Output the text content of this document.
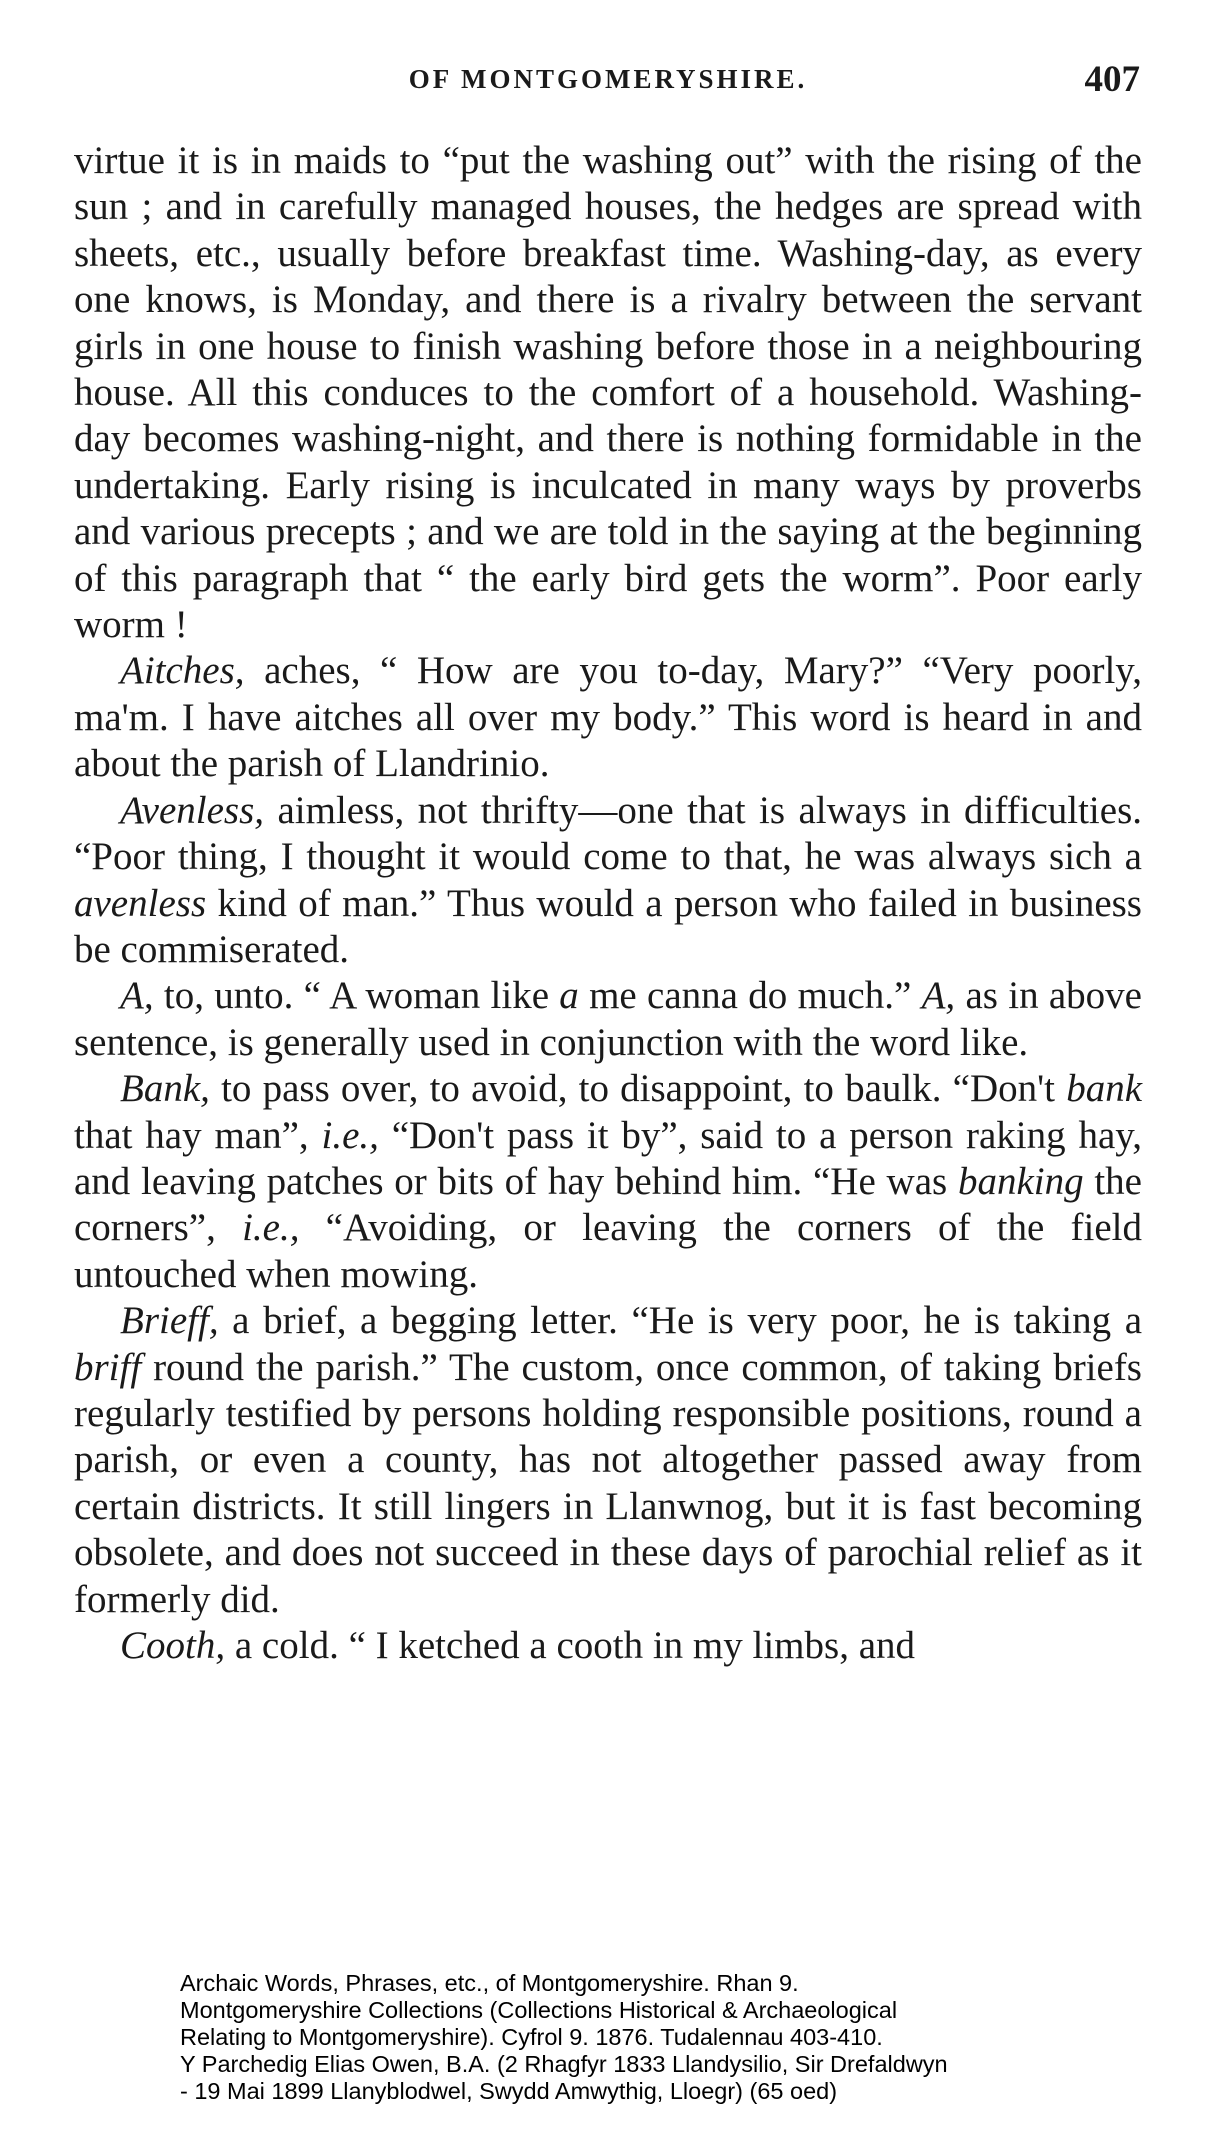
OF MONTGOMERYSHIRE.	407

virtue it is in maids to “put the washing out” with the rising of the sun ; and in carefully managed houses, the hedges are spread with sheets, etc., usually before breakfast time. Washing-day, as every one knows, is Monday, and there is a rivalry between the servant girls in one house to finish washing before those in a neighbouring house. All this conduces to the comfort of a household. Washing-day becomes washing-night, and there is nothing formidable in the undertaking. Early rising is inculcated in many ways by proverbs and various precepts ; and we are told in the saying at the beginning of this paragraph that “ the early bird gets the worm”. Poor early worm !

Aitches, aches, “ How are you to-day, Mary?” “Very poorly, ma'm. I have aitches all over my body.” This word is heard in and about the parish of Llandrinio.

Avenless, aimless, not thrifty—one that is always in difficulties. “Poor thing, I thought it would come to that, he was always sich a avenless kind of man.” Thus would a person who failed in business be commiserated.

A, to, unto. “ A woman like a me canna do much.” A, as in above sentence, is generally used in conjunction with the word like.

Bank, to pass over, to avoid, to disappoint, to baulk. “Don't bank that hay man”, i.e., “Don't pass it by”, said to a person raking hay, and leaving patches or bits of hay behind him. “He was banking the corners”, i.e., “Avoiding, or leaving the corners of the field untouched when mowing.

Brieff, a brief, a begging letter. “He is very poor, he is taking a briff round the parish.” The custom, once common, of taking briefs regularly testified by persons holding responsible positions, round a parish, or even a county, has not altogether passed away from certain districts. It still lingers in Llanwnog, but it is fast becoming obsolete, and does not succeed in these days of parochial relief as it formerly did.

Cooth, a cold. “ I ketched a cooth in my limbs, and

Archaic Words, Phrases, etc., of Montgomeryshire. Rhan 9.
Montgomeryshire Collections (Collections Historical & Archaeological
Relating to Montgomeryshire). Cyfrol 9. 1876. Tudalennau 403-410.
Y Parchedig Elias Owen, B.A. (2 Rhagfyr 1833 Llandysilio, Sir Drefaldwyn
- 19 Mai 1899 Llanyblodwel, Swydd Amwythig, Lloegr) (65 oed)
